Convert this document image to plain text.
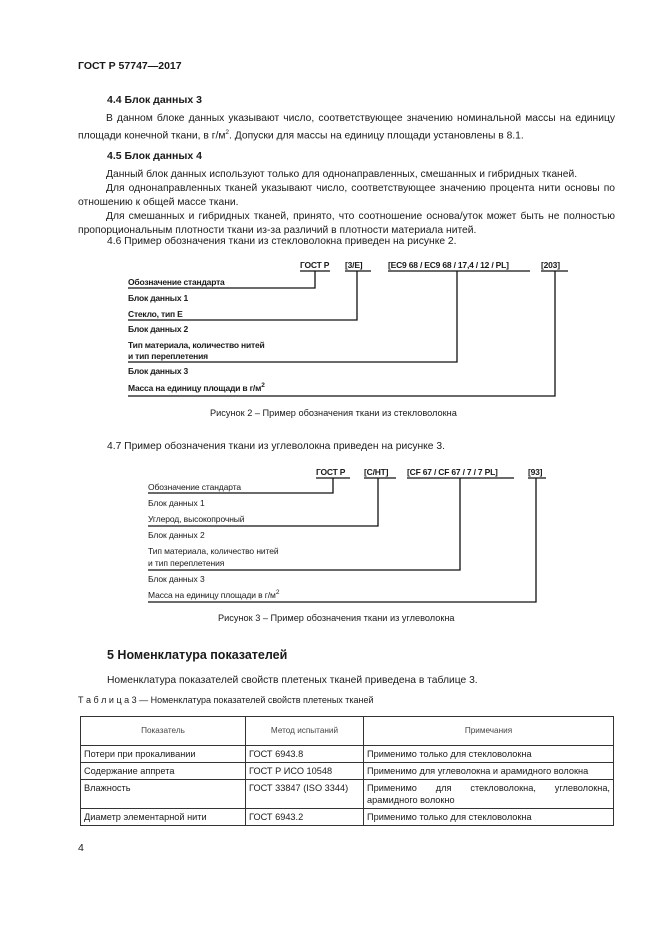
ГОСТ Р 57747—2017
4.4 Блок данных 3
В данном блоке данных указывают число, соответствующее значению номинальной массы на единицу площади конечной ткани, в $г/м^2$. Допуски для массы на единицу площади установлены в 8.1.
4.5 Блок данных 4
Данный блок данных используют только для однонаправленных, смешанных и гибридных тканей.
Для однонаправленных тканей указывают число, соответствующее значению процента нити основы по отношению к общей массе ткани.
Для смешанных и гибридных тканей, принято, что соотношение основа/уток может быть не полностью пропорциональным плотности ткани из-за различий в плотности материала нитей.
4.6 Пример обозначения ткани из стекловолокна приведен на рисунке 2.
ГОСТ Р [3/Е]	[ЕС9 68 / ЕС9 68 / 17,4 / 12 / PL]	[203]
Обозначение стандарта
Блок данных 1
Стекло, тип Е
Блок данных 2
Тип материала, количество нитей
и тип переплетения
Блок данных 3
Масса на единицу площади в $г/м^2$
Рисунок 2 – Пример обозначения ткани из стекловолокна
4.7 Пример обозначения ткани из углеволокна приведен на рисунке 3.
ГОСТ Р [С/НТ] [CF 67 / CF 67 / 7 / 7 PL]	[93]
Обозначение стандарта
Блок данных 1
Углерод, высокопрочный
Блок данных 2
Тип материала, количество нитей
и тип переплетения
Блок данных 3
Масса на единицу площади в $г/м^2$
Рисунок 3 – Пример обозначения ткани из углеволокна
5 Номенклатура показателей
Номенклатура показателей свойств плетеных тканей приведена в таблице 3.
Т а б л и ц а 3 — Номенклатура показателей свойств плетеных тканей
Показатель	Метод испытаний	Примечания
Потери при прокаливании	ГОСТ 6943.8	Применимо только для стекловолокна
Содержание аппрета	ГОСТ Р ИСО 10548	Применимо для углеволокна и арамидного волокна
Влажность	ГОСТ 33847 (ISO 3344)	Применимо для стекловолокна, углеволокна, арамидного волокно
Диаметр элементарной нити	ГОСТ 6943.2	Применимо только для стекловолокна
4
